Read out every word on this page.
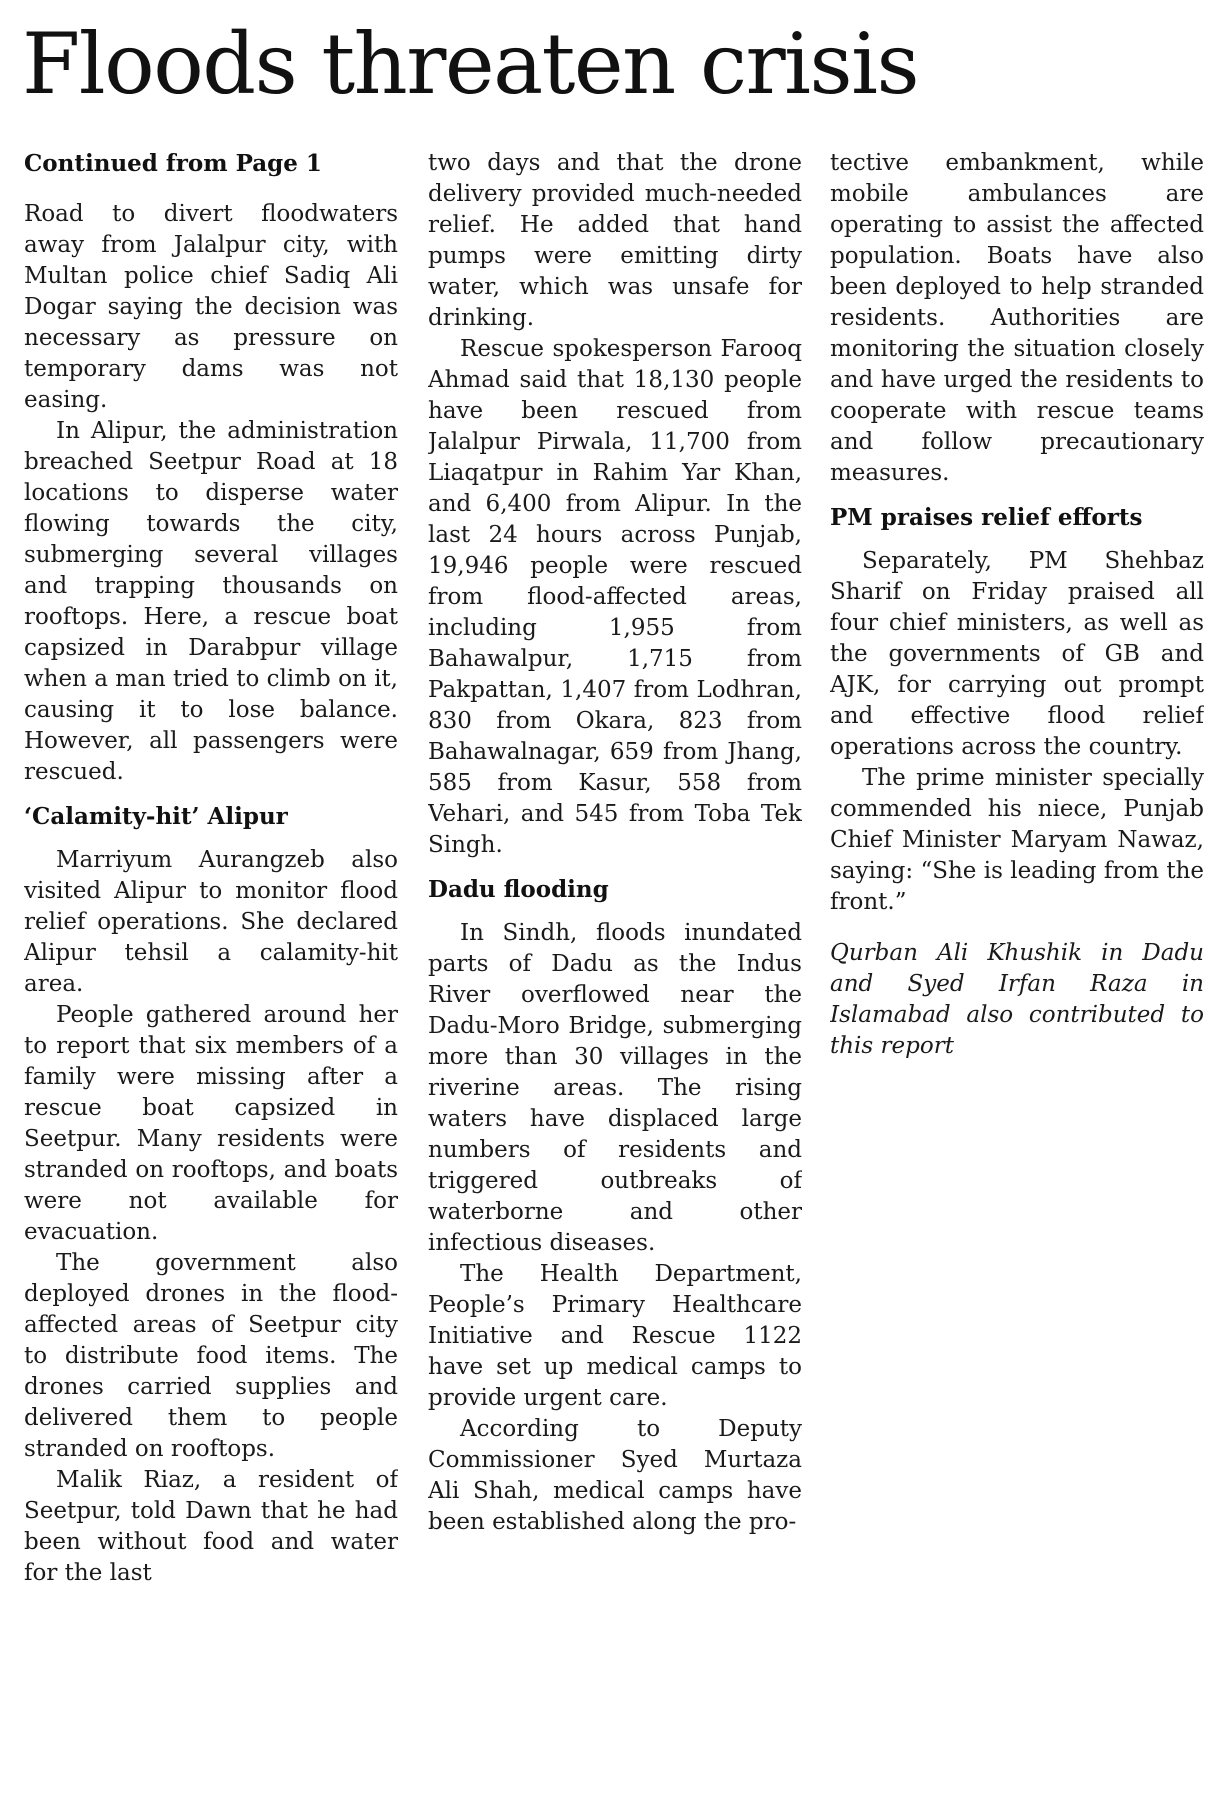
Floods threaten crisis
Continued from Page 1

Road to divert floodwaters away from Jalalpur city, with Multan police chief Sadiq Ali Dogar saying the decision was necessary as pressure on temporary dams was not easing.

In Alipur, the administration breached Seetpur Road at 18 locations to disperse water flowing towards the city, submerging several villages and trapping thousands on rooftops. Here, a rescue boat capsized in Darabpur village when a man tried to climb on it, causing it to lose balance. However, all passengers were rescued.

‘Calamity-hit’ Alipur

Marriyum Aurangzeb also visited Alipur to monitor flood relief operations. She declared Alipur tehsil a calamity-hit area.

People gathered around her to report that six members of a family were missing after a rescue boat capsized in Seetpur. Many residents were stranded on rooftops, and boats were not available for evacuation.

The government also deployed drones in the flood-affected areas of Seetpur city to distribute food items. The drones carried supplies and delivered them to people stranded on rooftops.

Malik Riaz, a resident of Seetpur, told Dawn that he had been without food and water for the last

two days and that the drone delivery provided much-needed relief. He added that hand pumps were emitting dirty water, which was unsafe for drinking.

Rescue spokesperson Farooq Ahmad said that 18,130 people have been rescued from Jalalpur Pirwala, 11,700 from Liaqatpur in Rahim Yar Khan, and 6,400 from Alipur. In the last 24 hours across Punjab, 19,946 people were rescued from flood-affected areas, including 1,955 from Bahawalpur, 1,715 from Pakpattan, 1,407 from Lodhran, 830 from Okara, 823 from Bahawalnagar, 659 from Jhang, 585 from Kasur, 558 from Vehari, and 545 from Toba Tek Singh.

Dadu flooding

In Sindh, floods inundated parts of Dadu as the Indus River overflowed near the Dadu-Moro Bridge, submerging more than 30 villages in the riverine areas. The rising waters have displaced large numbers of residents and triggered outbreaks of waterborne and other infectious diseases.

The Health Department, People’s Primary Healthcare Initiative and Rescue 1122 have set up medical camps to provide urgent care.

According to Deputy Commissioner Syed Murtaza Ali Shah, medical camps have been established along the pro-

tective embankment, while mobile ambulances are operating to assist the affected population. Boats have also been deployed to help stranded residents. Authorities are monitoring the situation closely and have urged the residents to cooperate with rescue teams and follow precautionary measures.

PM praises relief efforts

Separately, PM Shehbaz Sharif on Friday praised all four chief ministers, as well as the governments of GB and AJK, for carrying out prompt and effective flood relief operations across the country.

The prime minister specially commended his niece, Punjab Chief Minister Maryam Nawaz, saying: “She is leading from the front.”

Qurban Ali Khushik in Dadu and Syed Irfan Raza in Islamabad also contributed to this report
